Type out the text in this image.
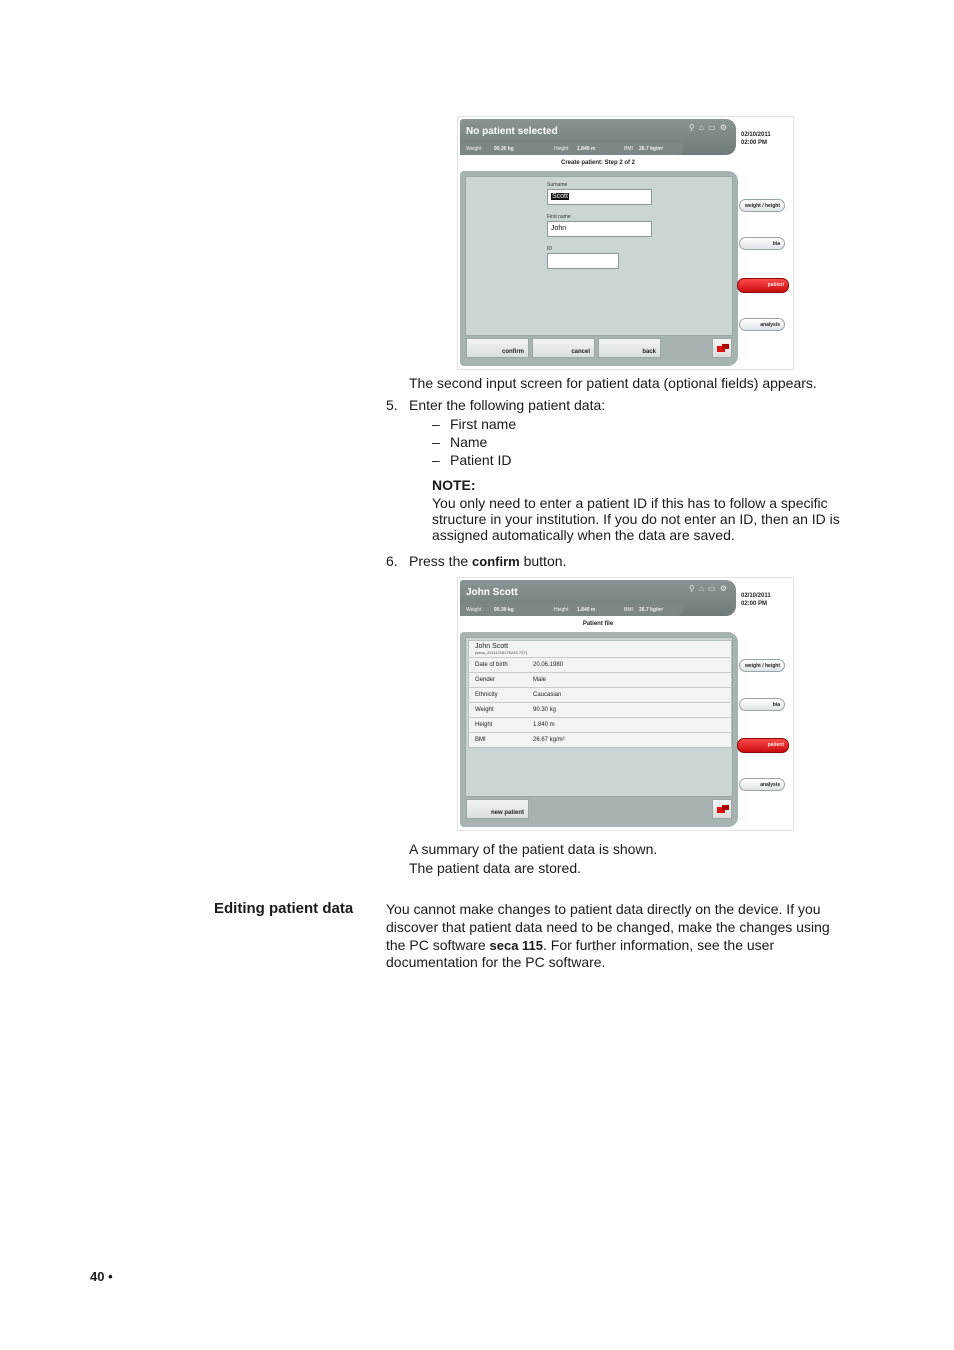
No patient selected	⚲ ⌂ ▭ ⚙
Weight	90.30 kg	Height 1.840 m	BMI 26.7 kg/m²
02/10/2011
02:00 PM
Create patient: Step 2 of 2
Surname
Scott
First name
John
ID
confirm	cancel	back
weight / height
bia
patient
analysis
The second input screen for patient data (optional fields) appears.
5. Enter the following patient data:
– First name
– Name
– Patient ID
NOTE:
You only need to enter a patient ID if this has to follow a specific
structure in your institution. If you do not enter an ID, then an ID is
assigned automatically when the data are saved.
6. Press the confirm button.
John Scott	⚲ ⌂ ▭ ⚙
Weight	90.30 kg	Height 1.840 m	BMI 26.7 kg/m²
02/10/2011
02:00 PM
Patient file
John Scott
(seca_20111216175243-707)
Date of birth	20.06.1980
Gender	Male
Ethnicity	Caucasian
Weight	90.30 kg
Height	1.840 m
BMI	26.67 kg/m²
new patient
weight / height
bia
patient
analysis
A summary of the patient data is shown.
The patient data are stored.
Editing patient data You cannot make changes to patient data directly on the device. If you
discover that patient data need to be changed, make the changes using
the PC software seca 115. For further information, see the user
documentation for the PC software.
40 •
